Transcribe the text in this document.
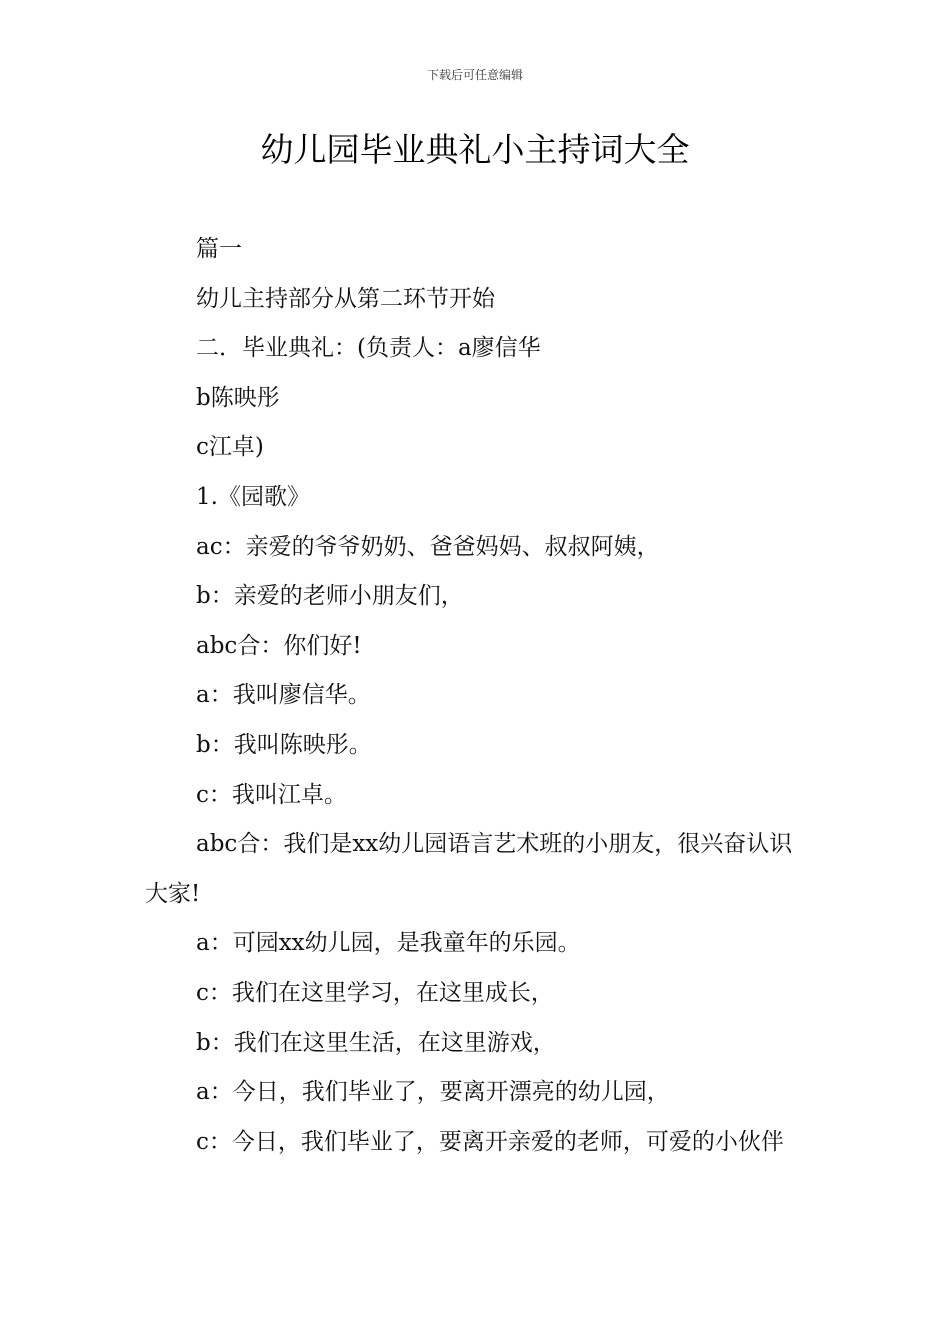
下载后可任意编辑
幼儿园毕业典礼小主持词大全

篇一

幼儿主持部分从第二环节开始

二．毕业典礼：(负责人：a廖信华

b陈映彤

c江卓)

1.《园歌》

ac：亲爱的爷爷奶奶、爸爸妈妈、叔叔阿姨，

b：亲爱的老师小朋友们，

abc合：你们好!

a：我叫廖信华。

b：我叫陈映彤。

c：我叫江卓。

abc合：我们是xx幼儿园语言艺术班的小朋友，很兴奋认识大家!

a：可园xx幼儿园，是我童年的乐园。

c：我们在这里学习，在这里成长，

b：我们在这里生活，在这里游戏，

a：今日，我们毕业了，要离开漂亮的幼儿园，

c：今日，我们毕业了，要离开亲爱的老师，可爱的小伙伴
